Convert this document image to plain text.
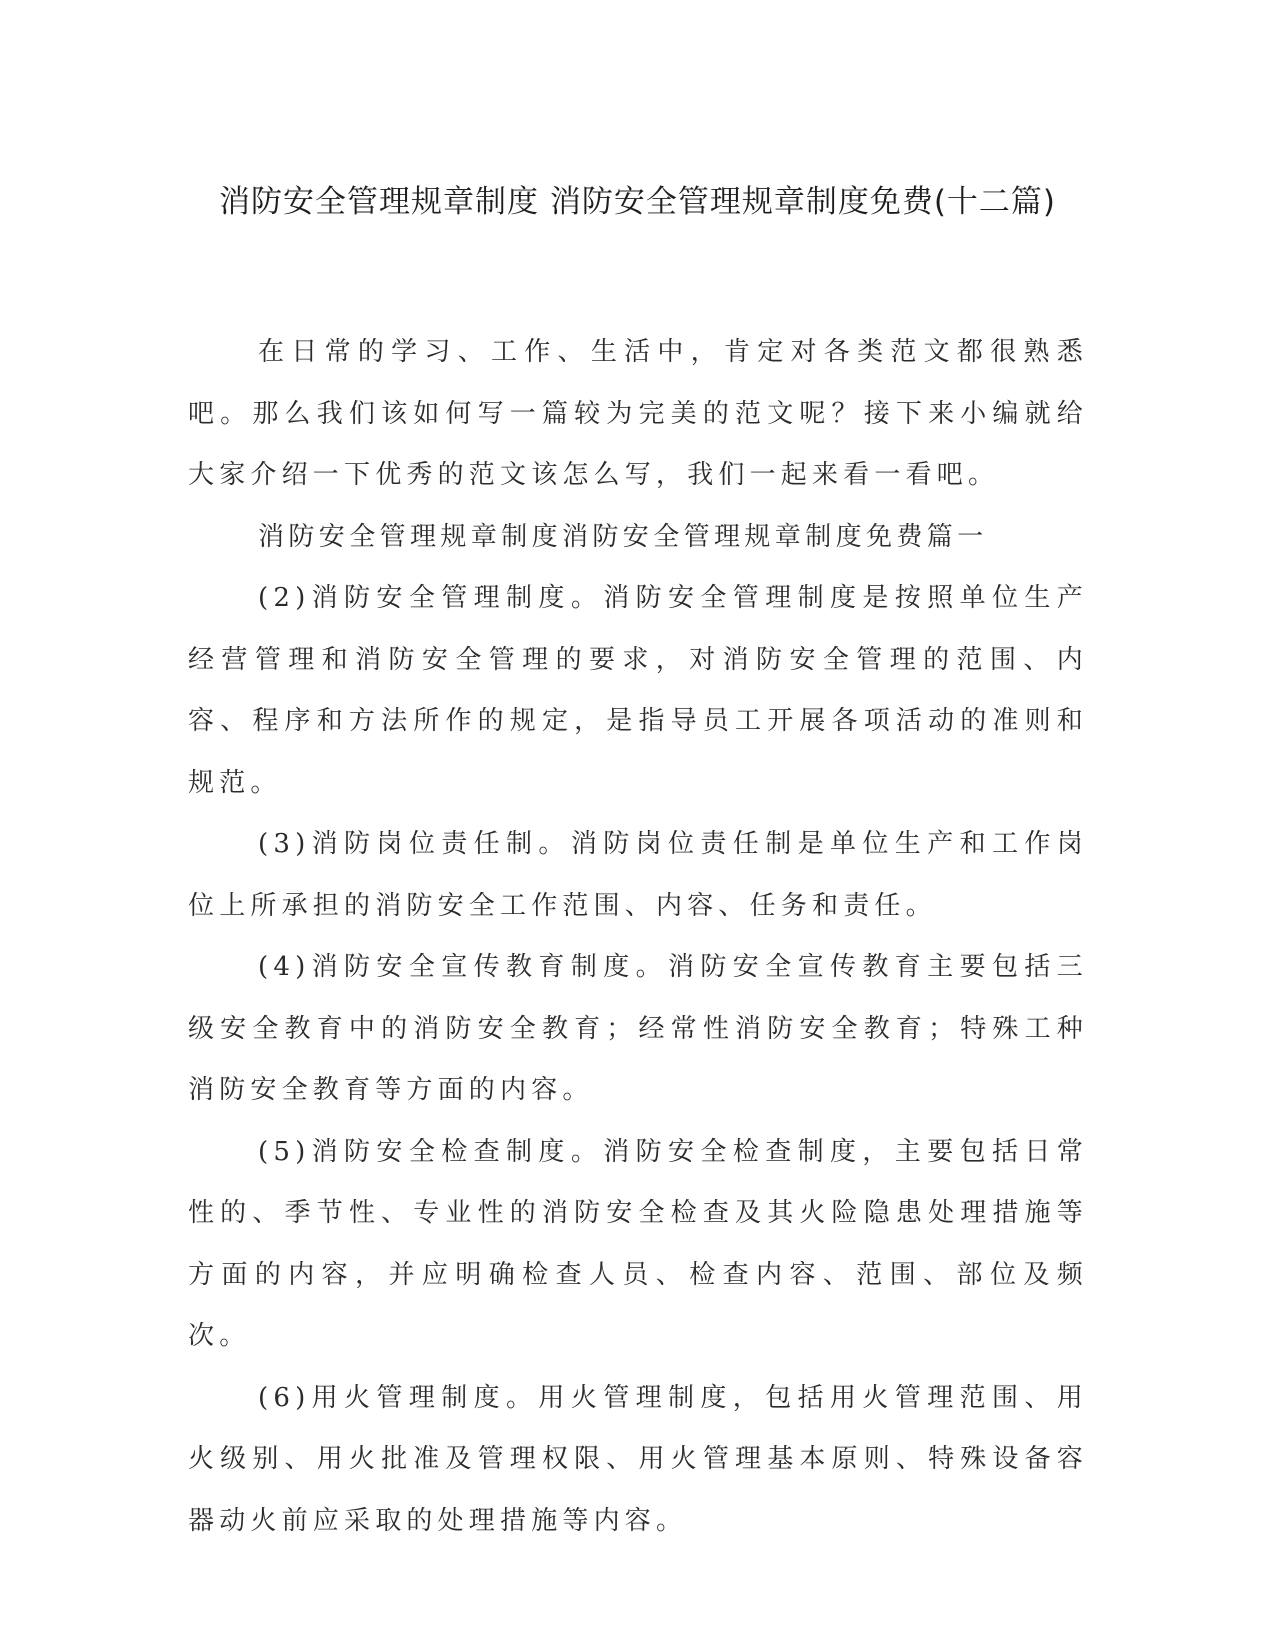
消防安全管理规章制度 消防安全管理规章制度免费(十二篇)

在日常的学习、工作、生活中，肯定对各类范文都很熟悉吧。那么我们该如何写一篇较为完美的范文呢？接下来小编就给大家介绍一下优秀的范文该怎么写，我们一起来看一看吧。

消防安全管理规章制度消防安全管理规章制度免费篇一

(2)消防安全管理制度。消防安全管理制度是按照单位生产经营管理和消防安全管理的要求，对消防安全管理的范围、内容、程序和方法所作的规定，是指导员工开展各项活动的准则和规范。

(3)消防岗位责任制。消防岗位责任制是单位生产和工作岗位上所承担的消防安全工作范围、内容、任务和责任。

(4)消防安全宣传教育制度。消防安全宣传教育主要包括三级安全教育中的消防安全教育；经常性消防安全教育；特殊工种消防安全教育等方面的内容。

(5)消防安全检查制度。消防安全检查制度，主要包括日常性的、季节性、专业性的消防安全检查及其火险隐患处理措施等方面的内容，并应明确检查人员、检查内容、范围、部位及频次。

(6)用火管理制度。用火管理制度，包括用火管理范围、用火级别、用火批准及管理权限、用火管理基本原则、特殊设备容器动火前应采取的处理措施等内容。
